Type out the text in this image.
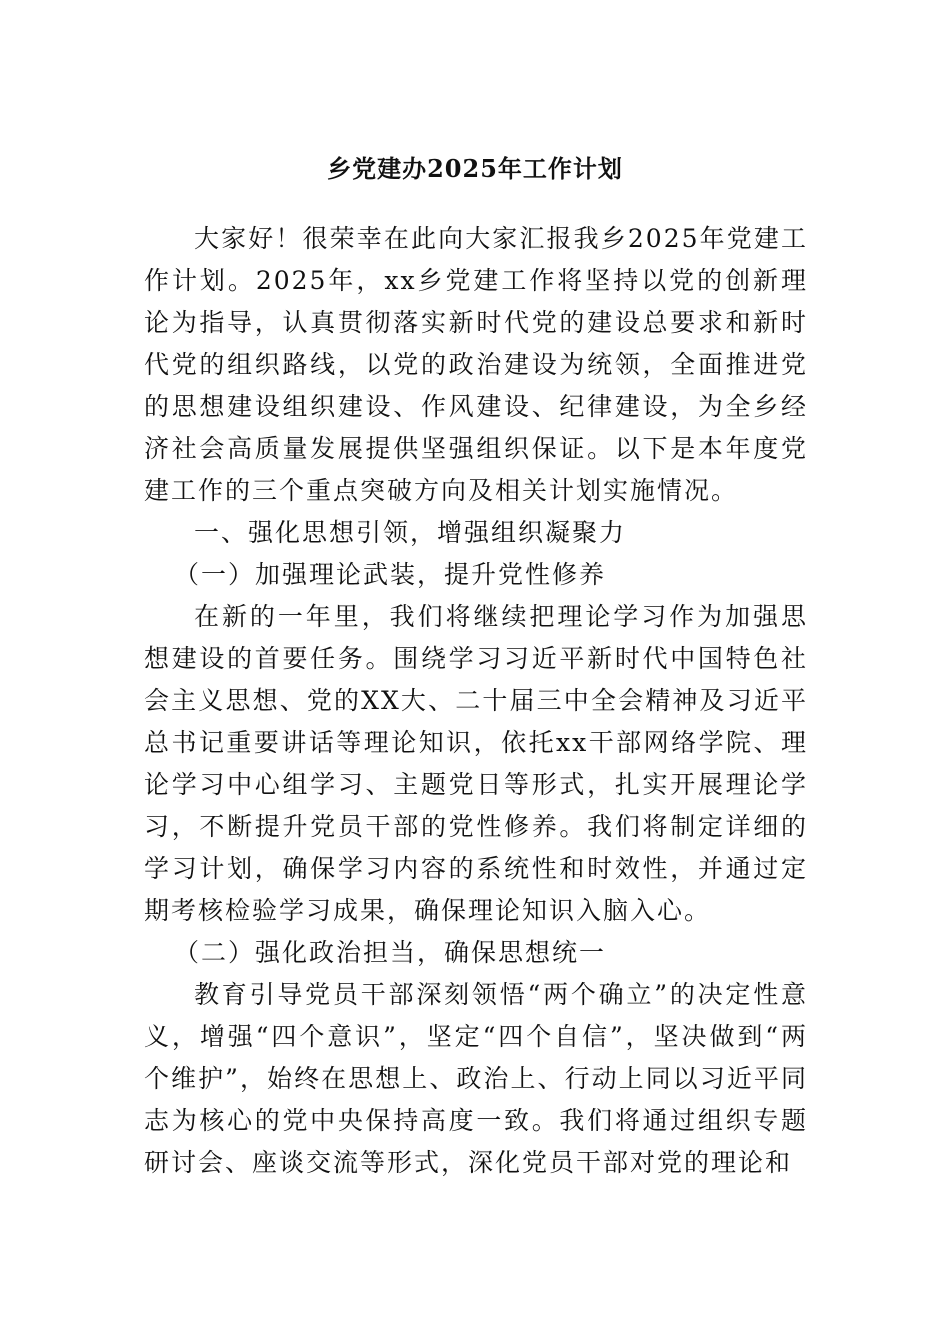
乡党建办2025年工作计划

大家好！很荣幸在此向大家汇报我乡2025年党建工作计划。2025年，xx乡党建工作将坚持以党的创新理论为指导，认真贯彻落实新时代党的建设总要求和新时代党的组织路线，以党的政治建设为统领，全面推进党的思想建设组织建设、作风建设、纪律建设，为全乡经济社会高质量发展提供坚强组织保证。以下是本年度党建工作的三个重点突破方向及相关计划实施情况。

一、强化思想引领，增强组织凝聚力

（一）加强理论武装，提升党性修养

在新的一年里，我们将继续把理论学习作为加强思想建设的首要任务。围绕学习习近平新时代中国特色社会主义思想、党的XX大、二十届三中全会精神及习近平总书记重要讲话等理论知识，依托xx干部网络学院、理论学习中心组学习、主题党日等形式，扎实开展理论学习，不断提升党员干部的党性修养。我们将制定详细的学习计划，确保学习内容的系统性和时效性，并通过定期考核检验学习成果，确保理论知识入脑入心。

（二）强化政治担当，确保思想统一

教育引导党员干部深刻领悟“两个确立”的决定性意义，增强“四个意识”，坚定“四个自信”，坚决做到“两个维护”，始终在思想上、政治上、行动上同以习近平同志为核心的党中央保持高度一致。我们将通过组织专题研讨会、座谈交流等形式，深化党员干部对党的理论和
